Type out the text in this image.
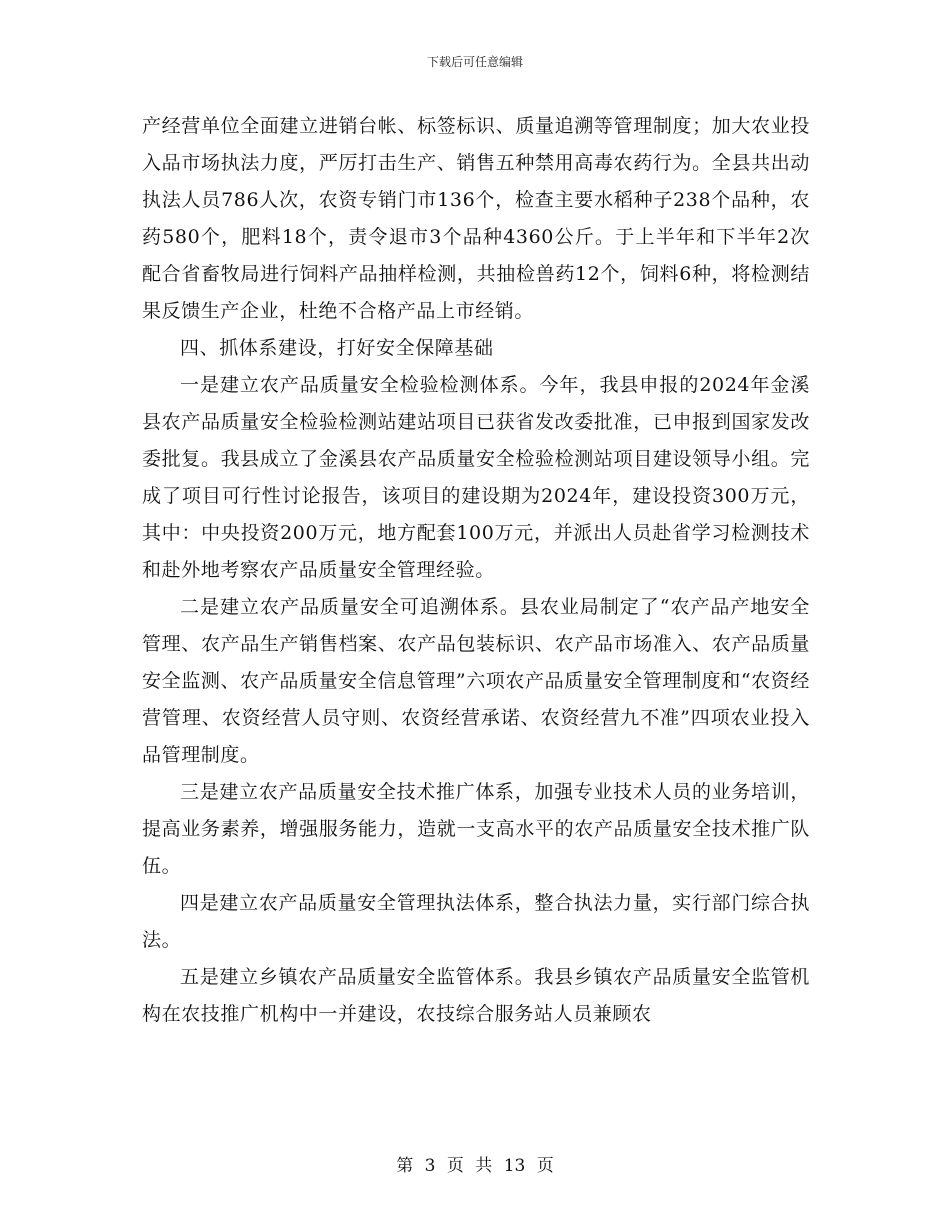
下载后可任意编辑

产经营单位全面建立进销台帐、标签标识、质量追溯等管理制度；加大农业投入品市场执法力度，严厉打击生产、销售五种禁用高毒农药行为。全县共出动执法人员786人次，农资专销门市136个，检查主要水稻种子238个品种，农药580个，肥料18个，责令退市3个品种4360公斤。于上半年和下半年2次配合省畜牧局进行饲料产品抽样检测，共抽检兽药12个，饲料6种，将检测结果反馈生产企业，杜绝不合格产品上市经销。

四、抓体系建设，打好安全保障基础

一是建立农产品质量安全检验检测体系。今年，我县申报的2024年金溪县农产品质量安全检验检测站建站项目已获省发改委批准，已申报到国家发改委批复。我县成立了金溪县农产品质量安全检验检测站项目建设领导小组。完成了项目可行性讨论报告，该项目的建设期为2024年，建设投资300万元，其中：中央投资200万元，地方配套100万元，并派出人员赴省学习检测技术和赴外地考察农产品质量安全管理经验。

二是建立农产品质量安全可追溯体系。县农业局制定了“农产品产地安全管理、农产品生产销售档案、农产品包装标识、农产品市场准入、农产品质量安全监测、农产品质量安全信息管理”六项农产品质量安全管理制度和“农资经营管理、农资经营人员守则、农资经营承诺、农资经营九不准”四项农业投入品管理制度。

三是建立农产品质量安全技术推广体系，加强专业技术人员的业务培训，提高业务素养，增强服务能力，造就一支高水平的农产品质量安全技术推广队伍。

四是建立农产品质量安全管理执法体系，整合执法力量，实行部门综合执法。

五是建立乡镇农产品质量安全监管体系。我县乡镇农产品质量安全监管机构在农技推广机构中一并建设，农技综合服务站人员兼顾农

第 3 页 共 13 页
